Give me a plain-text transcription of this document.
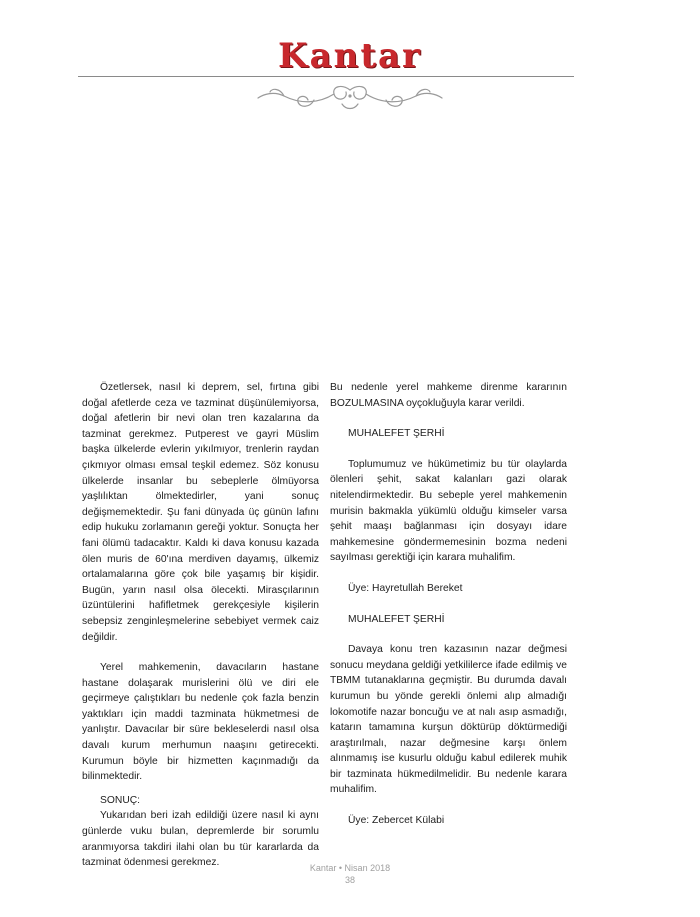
Kantar

Özetlersek, nasıl ki deprem, sel, fırtına gibi doğal afetlerde ceza ve tazminat düşünülemiyorsa, doğal afetlerin bir nevi olan tren kazalarına da tazminat gerekmez. Putperest ve gayri Müslim başka ülkelerde evlerin yıkılmıyor, trenlerin raydan çıkmıyor olması emsal teşkil edemez. Söz konusu ülkelerde insanlar bu sebeplerle ölmüyorsa yaşlılıktan ölmektedirler, yani sonuç değişmemektedir. Şu fani dünyada üç günün lafını edip hukuku zorlamanın gereği yoktur. Sonuçta her fani ölümü tadacaktır. Kaldı ki dava konusu kazada ölen muris de 60'ına merdiven dayamış, ülkemiz ortalamalarına göre çok bile yaşamış bir kişidir. Bugün, yarın nasıl olsa ölecekti. Mirasçılarının üzüntülerini hafifletmek gerekçesiyle kişilerin sebepsiz zenginleşmelerine sebebiyet vermek caiz değildir.

Yerel mahkemenin, davacıların hastane hastane dolaşarak murislerini ölü ve diri ele geçirmeye çalıştıkları bu nedenle çok fazla benzin yaktıkları için maddi tazminata hükmetmesi de yanlıştır. Davacılar bir süre bekleselerdi nasıl olsa davalı kurum merhumun naaşını getirecekti. Kurumun böyle bir hizmetten kaçınmadığı da bilinmektedir.

SONUÇ:

Yukarıdan beri izah edildiği üzere nasıl ki aynı günlerde vuku bulan, depremlerde bir sorumlu aranmıyorsa takdiri ilahi olan bu tür kararlarda da tazminat ödenmesi gerekmez.

Bu nedenle yerel mahkeme direnme kararının BOZULMASINA oyçokluğuyla karar verildi.

MUHALEFET ŞERHİ

Toplumumuz ve hükümetimiz bu tür olaylarda ölenleri şehit, sakat kalanları gazi olarak nitelendirmektedir. Bu sebeple yerel mahkemenin murisin bakmakla yükümlü olduğu kimseler varsa şehit maaşı bağlanması için dosyayı idare mahkemesine göndermemesinin bozma nedeni sayılması gerektiği için karara muhalifim.

Üye: Hayretullah Bereket

MUHALEFET ŞERHİ

Davaya konu tren kazasının nazar değmesi sonucu meydana geldiği yetkililerce ifade edilmiş ve TBMM tutanaklarına geçmiştir. Bu durumda davalı kurumun bu yönde gerekli önlemi alıp almadığı lokomotife nazar boncuğu ve at nalı asıp asmadığı, katarın tamamına kurşun döktürüp döktürmediği araştırılmalı, nazar değmesine karşı önlem alınmamış ise kusurlu olduğu kabul edilerek muhik bir tazminata hükmedilmelidir. Bu nedenle karara muhalifim.

Üye: Zebercet Külabi

Kantar • Nisan 2018
38
